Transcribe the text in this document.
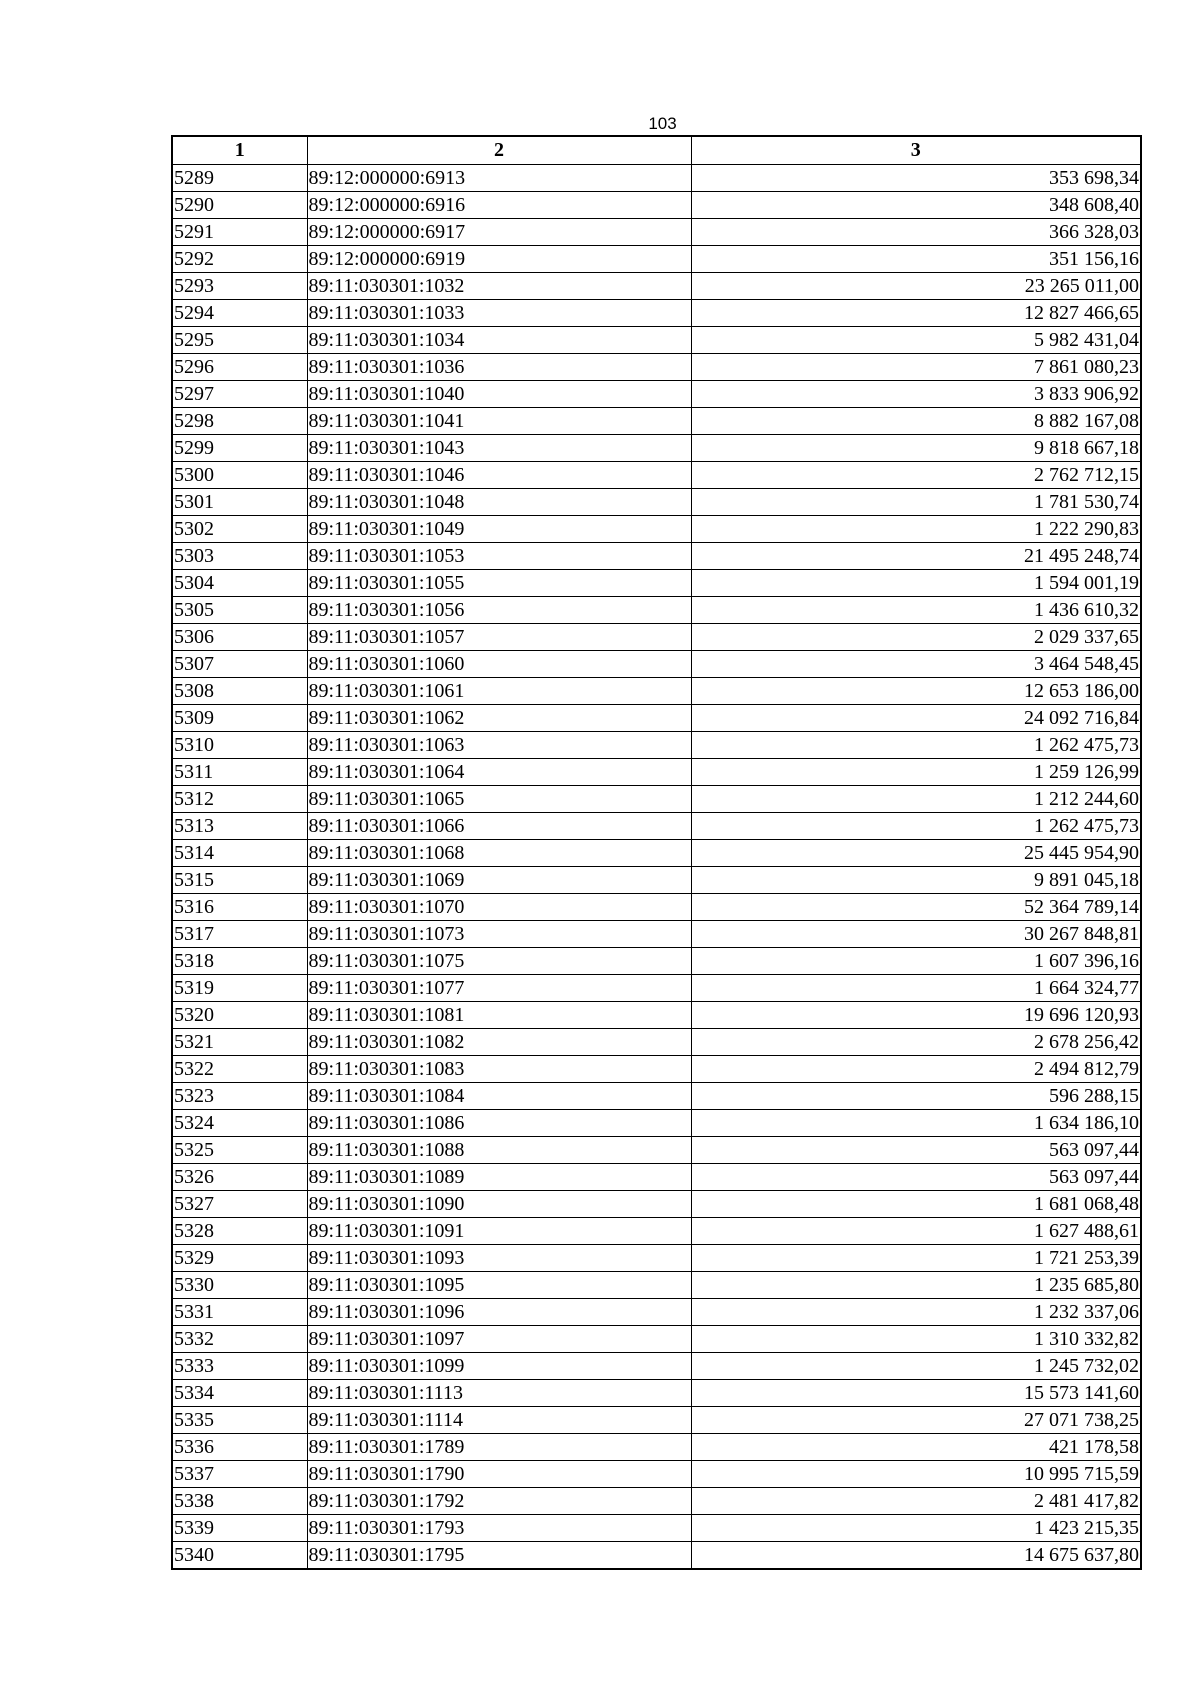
103
1	2	3
5289	89:12:000000:6913	353 698,34
5290	89:12:000000:6916	348 608,40
5291	89:12:000000:6917	366 328,03
5292	89:12:000000:6919	351 156,16
5293	89:11:030301:1032	23 265 011,00
5294	89:11:030301:1033	12 827 466,65
5295	89:11:030301:1034	5 982 431,04
5296	89:11:030301:1036	7 861 080,23
5297	89:11:030301:1040	3 833 906,92
5298	89:11:030301:1041	8 882 167,08
5299	89:11:030301:1043	9 818 667,18
5300	89:11:030301:1046	2 762 712,15
5301	89:11:030301:1048	1 781 530,74
5302	89:11:030301:1049	1 222 290,83
5303	89:11:030301:1053	21 495 248,74
5304	89:11:030301:1055	1 594 001,19
5305	89:11:030301:1056	1 436 610,32
5306	89:11:030301:1057	2 029 337,65
5307	89:11:030301:1060	3 464 548,45
5308	89:11:030301:1061	12 653 186,00
5309	89:11:030301:1062	24 092 716,84
5310	89:11:030301:1063	1 262 475,73
5311	89:11:030301:1064	1 259 126,99
5312	89:11:030301:1065	1 212 244,60
5313	89:11:030301:1066	1 262 475,73
5314	89:11:030301:1068	25 445 954,90
5315	89:11:030301:1069	9 891 045,18
5316	89:11:030301:1070	52 364 789,14
5317	89:11:030301:1073	30 267 848,81
5318	89:11:030301:1075	1 607 396,16
5319	89:11:030301:1077	1 664 324,77
5320	89:11:030301:1081	19 696 120,93
5321	89:11:030301:1082	2 678 256,42
5322	89:11:030301:1083	2 494 812,79
5323	89:11:030301:1084	596 288,15
5324	89:11:030301:1086	1 634 186,10
5325	89:11:030301:1088	563 097,44
5326	89:11:030301:1089	563 097,44
5327	89:11:030301:1090	1 681 068,48
5328	89:11:030301:1091	1 627 488,61
5329	89:11:030301:1093	1 721 253,39
5330	89:11:030301:1095	1 235 685,80
5331	89:11:030301:1096	1 232 337,06
5332	89:11:030301:1097	1 310 332,82
5333	89:11:030301:1099	1 245 732,02
5334	89:11:030301:1113	15 573 141,60
5335	89:11:030301:1114	27 071 738,25
5336	89:11:030301:1789	421 178,58
5337	89:11:030301:1790	10 995 715,59
5338	89:11:030301:1792	2 481 417,82
5339	89:11:030301:1793	1 423 215,35
5340	89:11:030301:1795	14 675 637,80
